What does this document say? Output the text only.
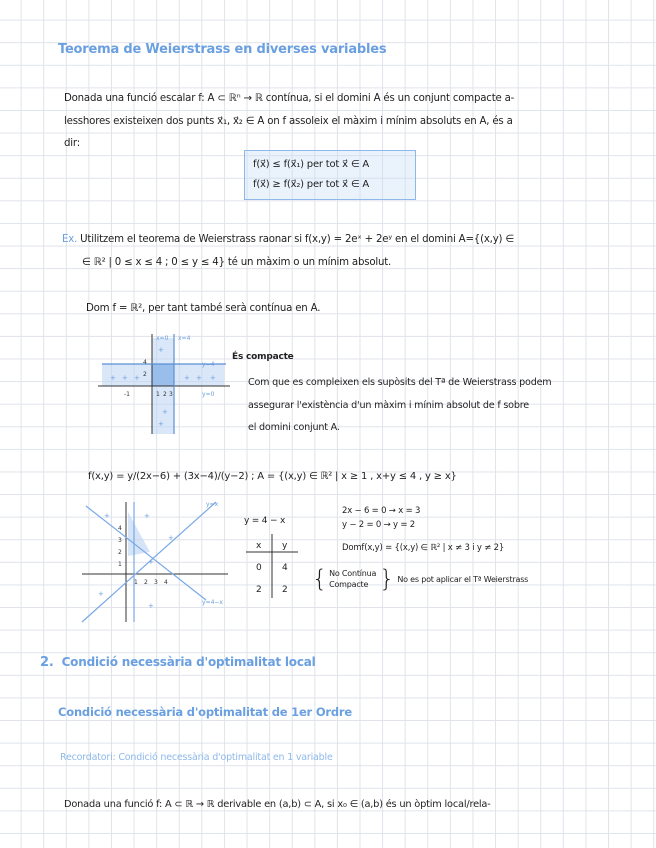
Teorema de Weierstrass en diverses variables
Donada una funció escalar f: A ⊂ ℝⁿ → ℝ contínua, si el domini A és un conjunt compacte a-
lesshores existeixen dos punts x⃗₁, x⃗₂ ∈ A on f assoleix el màxim i mínim absoluts en A, és a
dir:
f(x⃗) ≤ f(x⃗₁) per tot x⃗ ∈ A
f(x⃗) ≥ f(x⃗₂) per tot x⃗ ∈ A
Ex. Utilitzem el teorema de Weierstrass raonar si f(x,y) = 2eˣ + 2eʸ en el domini A={(x,y) ∈
∈ ℝ² | 0 ≤ x ≤ 4 ; 0 ≤ y ≤ 4} té un màxim o un mínim absolut.
Dom f = ℝ², per tant també serà contínua en A.
x=0 x=4
y=4
y=0
4
2
-1	1 2 3
+ + +	+ + +
+
+
+
És compacte
Com que es compleixen els supòsits del Tª de Weierstrass podem
assegurar l'existència d'un màxim i mínim absolut de f sobre
el domini conjunt A.
f(x,y) = y/(2x−6) + (3x−4)/(y−2) ; A = {(x,y) ∈ ℝ² | x ≥ 1 , x+y ≤ 4 , y ≥ x}
y=x
y=4−x
4
3
2
1
1 2 3 4
+	+
+
+
+
+
y = 4 − x
x y
0 4
2 2
2x − 6 = 0 → x = 3
y − 2 = 0 → y = 2
Domf(x,y) = {(x,y) ∈ ℝ² | x ≠ 3 i y ≠ 2}
{ No Contínua
Compacte } No es pot aplicar el Tª Weierstrass
2. Condició necessària d'optimalitat local
Condició necessària d'optimalitat de 1er Ordre
Recordatori: Condició necessària d'optimalitat en 1 variable
Donada una funció f: A ⊂ ℝ → ℝ derivable en (a,b) ⊂ A, si x₀ ∈ (a,b) és un òptim local/rela-
